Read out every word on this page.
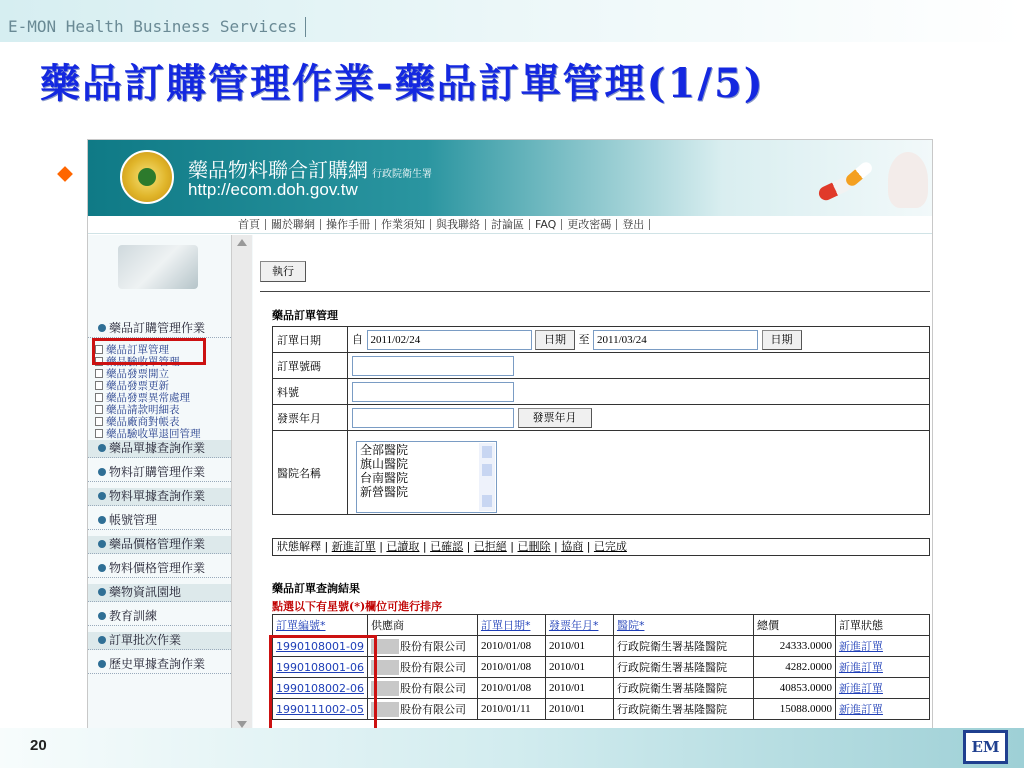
E-MON Health Business Services
藥品訂購管理作業-藥品訂單管理(1/5)
藥品物料聯合訂購網 行政院衛生署
http://ecom.doh.gov.tw
首頁 關於聯網 操作手冊 作業須知 與我聯絡 討論區 FAQ 更改密碼 登出
藥品訂購管理作業
藥品訂單管理
藥品驗收單管理
藥品發票開立
藥品發票更新
藥品發票異常處理
藥品請款明細表
藥品廠商對帳表
藥品驗收單退回管理
藥品單據查詢作業
物料訂購管理作業
物料單據查詢作業
帳號管理
藥品價格管理作業
物料價格管理作業
藥物資訊園地
教育訓練
訂單批次作業
歷史單據查詢作業
執行
藥品訂單管理
訂單日期	自 2011/02/24 日期 至 2011/03/24 日期
訂單號碼	
料號	
發票年月	發票年月
醫院名稱	
全部醫院
旗山醫院
台南醫院
新營醫院
狀態解釋 | 新進訂單 | 已讀取 | 已確認 | 已拒絕 | 已刪除 | 協商 | 已完成
藥品訂單查詢結果
點選以下有星號(*)欄位可進行排序
訂單編號*	供應商	訂單日期*	發票年月*	醫院*	總價	訂單狀態
1990108001-09	股份有限公司	2010/01/08	2010/01	行政院衛生署基隆醫院	24333.0000	新進訂單
1990108001-06	股份有限公司	2010/01/08	2010/01	行政院衛生署基隆醫院	4282.0000	新進訂單
1990108002-06	股份有限公司	2010/01/08	2010/01	行政院衛生署基隆醫院	40853.0000	新進訂單
1990111002-05	股份有限公司	2010/01/11	2010/01	行政院衛生署基隆醫院	15088.0000	新進訂單
20	EM
